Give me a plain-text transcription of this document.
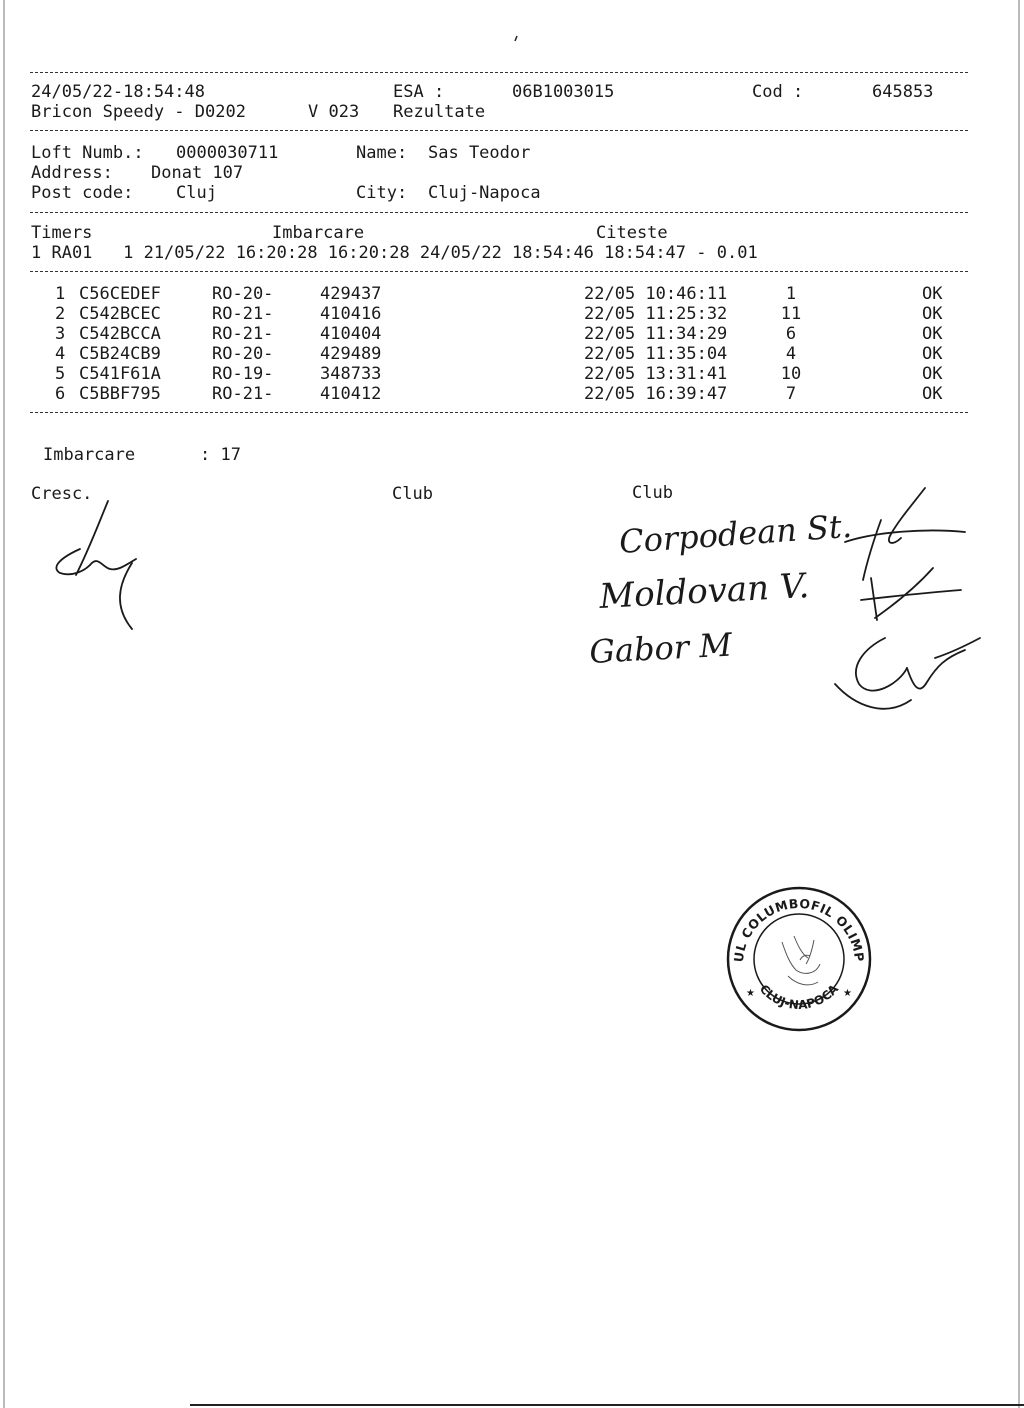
24/05/22-18:54:48	ESA :	06B1003015	Cod :	645853
Bricon Speedy - D0202	V 023 Rezultate
Loft Numb.: 0000030711	Name: Sas Teodor
Address: Donat 107
Post code:	Cluj	City: Cluj-Napoca
Timers	Imbarcare	Citeste
1 RA01   1 21/05/22 16:20:28 16:20:28 24/05/22 18:54:46 18:54:47 - 0.01
1 C56CEDEF	RO-20-	429437	22/05 10:46:11	1	OK
2 C542BCEC	RO-21-	410416	22/05 11:25:32	11	OK
3 C542BCCA	RO-21-	410404	22/05 11:34:29	6	OK
4 C5B24CB9	RO-20-	429489	22/05 11:35:04	4	OK
5 C541F61A	RO-19-	348733	22/05 13:31:41	10	OK
6 C5BBF795	RO-21-	410412	22/05 16:39:47	7	OK
Imbarcare	: 17
Cresc.	Club	Club
Corpodean St.
Moldovan V.
Gabor M
CLUBUL COLUMBOFIL OLIMPIA 04
CLUJ-NAPOCA
★	★
